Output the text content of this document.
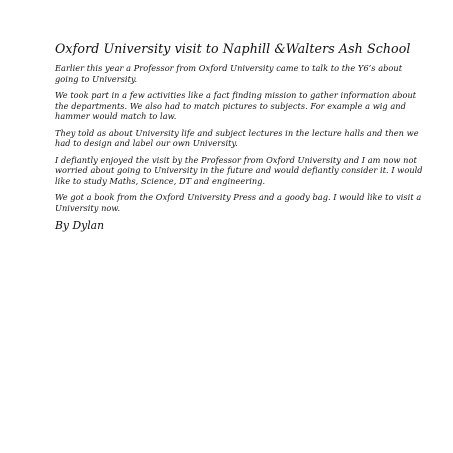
Oxford University visit to Naphill &Walters Ash School

Earlier this year a Professor from Oxford University came to talk to the Y6’s about going to University.

We took part in a few activities like a fact finding mission to gather information about the departments. We also had to match pictures to subjects. For example a wig and hammer would match to law.

They told as about University life and subject lectures in the lecture halls and then we had to design and label our own University.

I defiantly enjoyed the visit by the Professor from Oxford University and I am now not worried about going to University in the future and would defiantly consider it. I would like to study Maths, Science, DT and engineering.

We got a book from the Oxford University Press and a goody bag. I would like to visit a University now.

By Dylan
